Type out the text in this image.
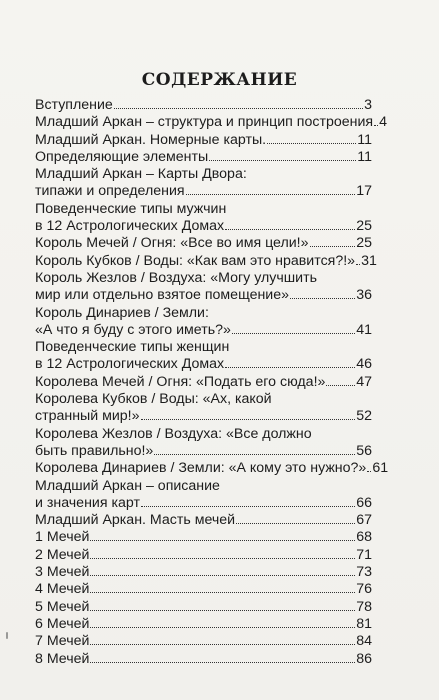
СОДЕРЖАНИЕ
Вступление	3
Младший Аркан – структура и принцип построения 4
Младший Аркан. Номерные карты.	11
Определяющие элементы	11
Младший Аркан – Карты Двора:
типажи и определения	17
Поведенческие типы мужчин
в 12 Астрологических Домах	25
Король Мечей / Огня: «Все во имя цели!»	25
Король Кубков / Воды: «Как вам это нравится?!» 31
Король Жезлов / Воздуха: «Могу улучшить
мир или отдельно взятое помещение»	36
Король Динариев / Земли:
«А что я буду с этого иметь?»	41
Поведенческие типы женщин
в 12 Астрологических Домах	46
Королева Мечей / Огня: «Подать его сюда!» 47
Королева Кубков / Воды: «Ах, какой
странный мир!»	52
Королева Жезлов / Воздуха: «Все должно
быть правильно!»	56
Королева Динариев / Земли: «А кому это нужно?» 61
Младший Аркан – описание
и значения карт	66
Младший Аркан. Масть мечей	67
1 Мечей	68
2 Мечей	71
3 Мечей	73
4 Мечей	76
5 Мечей	78
6 Мечей	81
7 Мечей	84
8 Мечей	86
